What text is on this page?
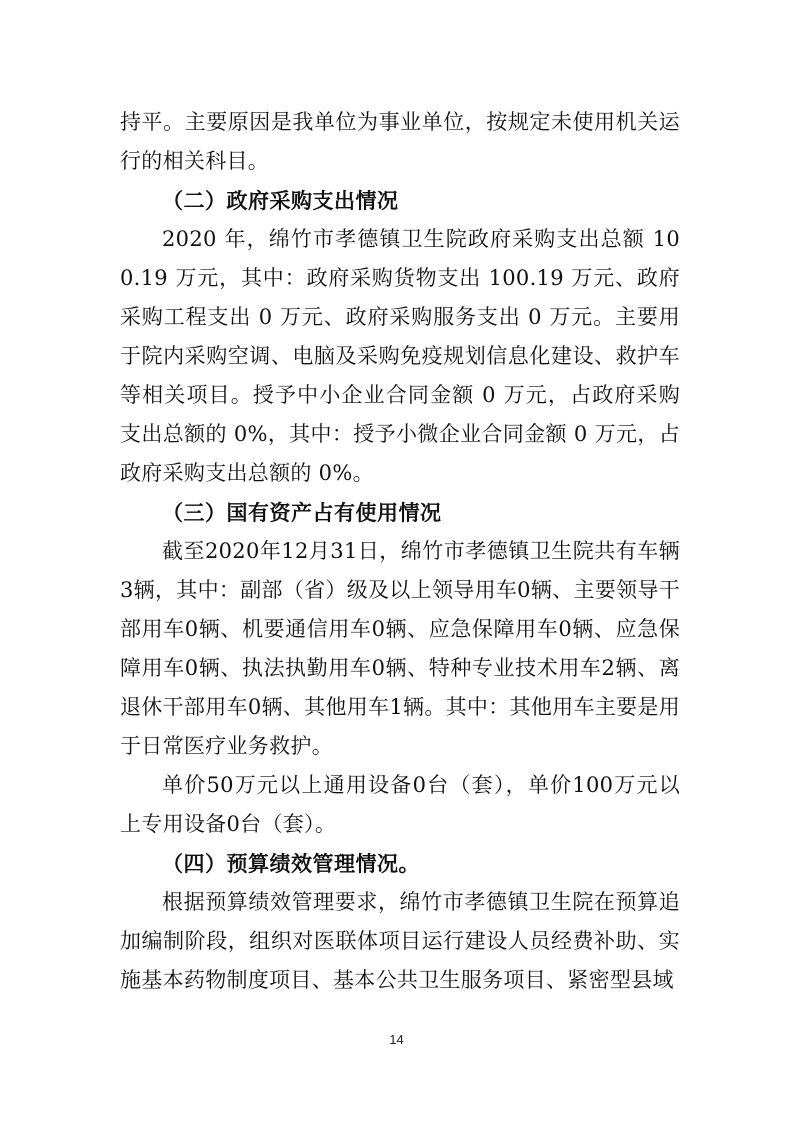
持平。主要原因是我单位为事业单位，按规定未使用机关运行的相关科目。

（二）政府采购支出情况

2020 年，绵竹市孝德镇卫生院政府采购支出总额 100.19 万元，其中：政府采购货物支出 100.19 万元、政府采购工程支出 0 万元、政府采购服务支出 0 万元。主要用于院内采购空调、电脑及采购免疫规划信息化建设、救护车等相关项目。授予中小企业合同金额 0 万元，占政府采购支出总额的 0%，其中：授予小微企业合同金额 0 万元，占政府采购支出总额的 0%。

（三）国有资产占有使用情况

截至2020年12月31日，绵竹市孝德镇卫生院共有车辆3辆，其中：副部（省）级及以上领导用车0辆、主要领导干部用车0辆、机要通信用车0辆、应急保障用车0辆、应急保障用车0辆、执法执勤用车0辆、特种专业技术用车2辆、离退休干部用车0辆、其他用车1辆。其中：其他用车主要是用于日常医疗业务救护。

单价50万元以上通用设备0台（套），单价100万元以上专用设备0台（套）。

（四）预算绩效管理情况。

根据预算绩效管理要求，绵竹市孝德镇卫生院在预算追加编制阶段，组织对医联体项目运行建设人员经费补助、实施基本药物制度项目、基本公共卫生服务项目、紧密型县域

14
